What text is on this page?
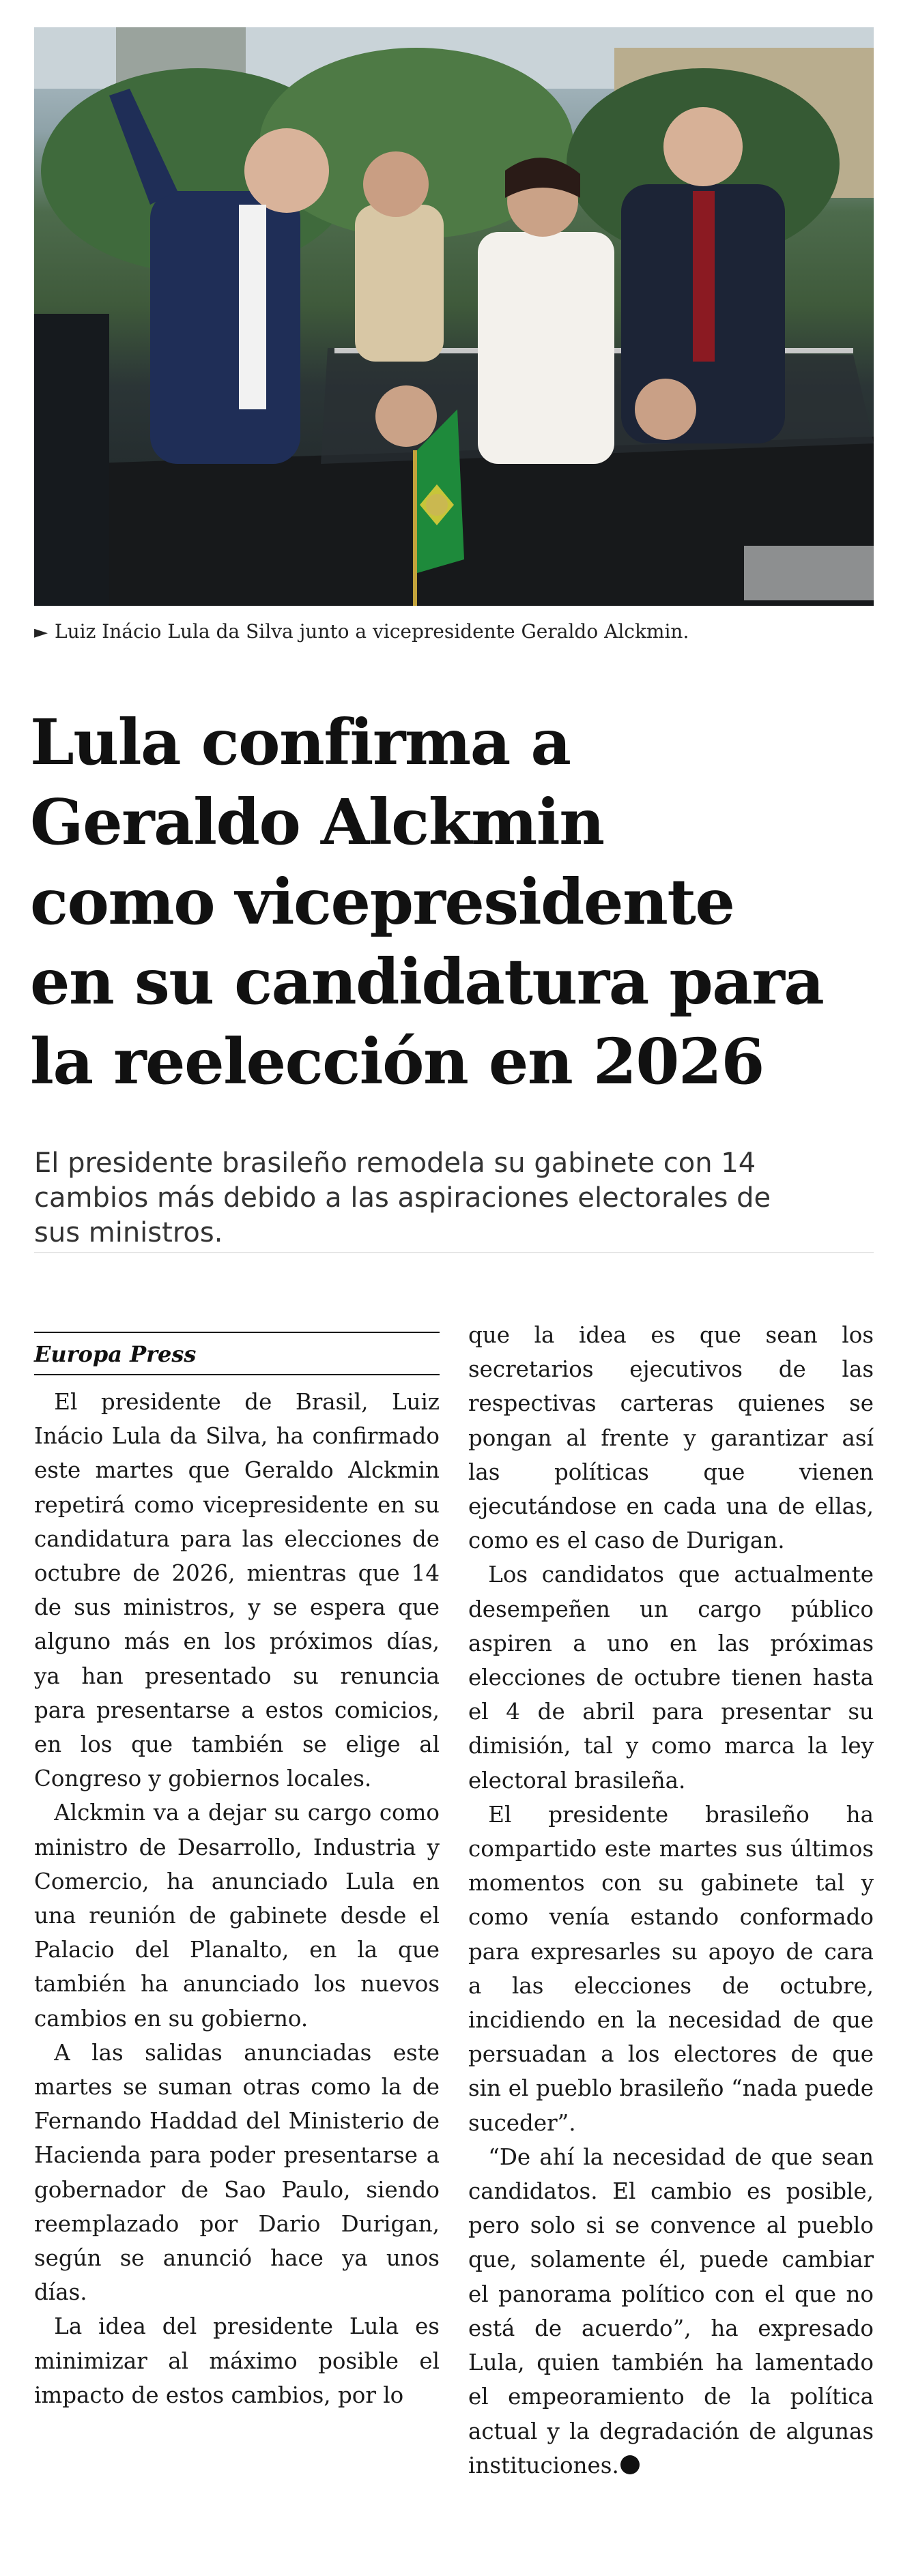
► Luiz Inácio Lula da Silva junto a vicepresidente Geraldo Alckmin.
Lula confirma a
Geraldo Alckmin
como vicepresidente
en su candidatura para
la reelección en 2026
El presidente brasileño remodela su gabinete con 14 cambios más debido a las aspiraciones electorales de sus ministros.
Europa Press

El presidente de Brasil, Luiz Inácio Lula da Silva, ha confirmado este martes que Geraldo Alckmin repetirá como vicepresidente en su candidatura para las elecciones de octubre de 2026, mientras que 14 de sus ministros, y se espera que alguno más en los próximos días, ya han presentado su renuncia para presentarse a estos comicios, en los que también se elige al Congreso y gobiernos locales.

Alckmin va a dejar su cargo como ministro de Desarrollo, Industria y Comercio, ha anunciado Lula en una reunión de gabinete desde el Palacio del Planalto, en la que también ha anunciado los nuevos cambios en su gobierno.

A las salidas anunciadas este martes se suman otras como la de Fernando Haddad del Ministerio de Hacienda para poder presentarse a gobernador de Sao Paulo, siendo reemplazado por Dario Durigan, según se anunció hace ya unos días.

La idea del presidente Lula es minimizar al máximo posible el impacto de estos cambios, por lo

que la idea es que sean los secretarios ejecutivos de las respectivas carteras quienes se pongan al frente y garantizar así las políticas que vienen ejecutándose en cada una de ellas, como es el caso de Durigan.

Los candidatos que actualmente desempeñen un cargo público aspiren a uno en las próximas elecciones de octubre tienen hasta el 4 de abril para presentar su dimisión, tal y como marca la ley electoral brasileña.

El presidente brasileño ha compartido este martes sus últimos momentos con su gabinete tal y como venía estando conformado para expresarles su apoyo de cara a las elecciones de octubre, incidiendo en la necesidad de que persuadan a los electores de que sin el pueblo brasileño “nada puede suceder”.

“De ahí la necesidad de que sean candidatos. El cambio es posible, pero solo si se convence al pueblo que, solamente él, puede cambiar el panorama político con el que no está de acuerdo”, ha expresado Lula, quien también ha lamentado el empeoramiento de la política actual y la degradación de algunas instituciones.
